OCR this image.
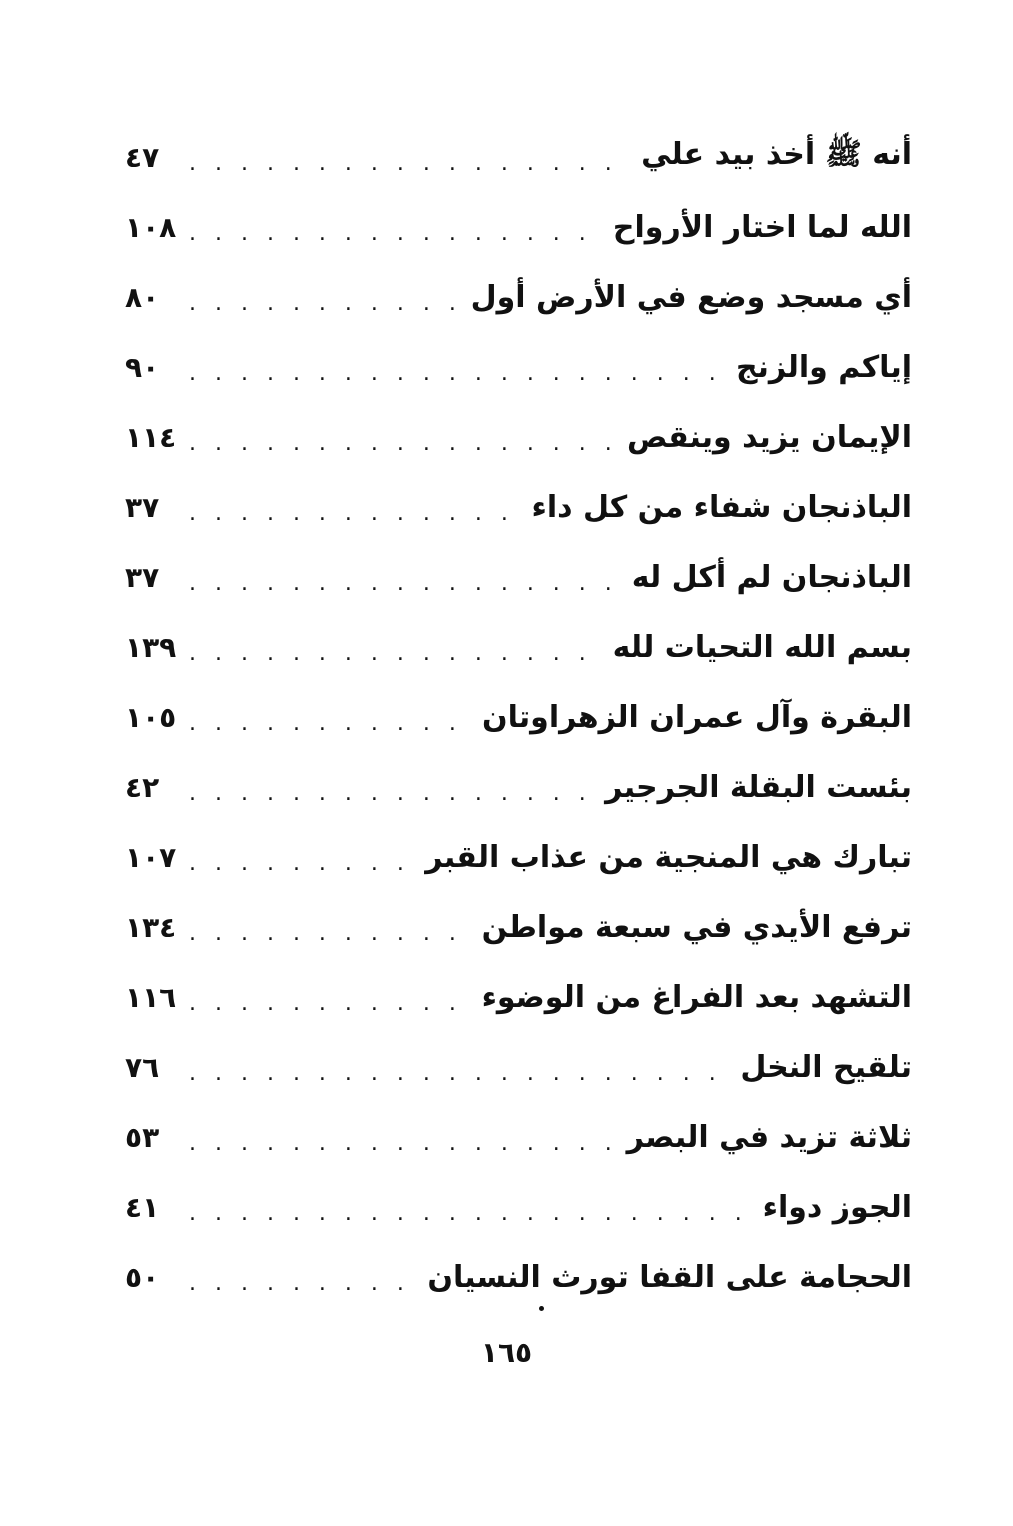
أنه ﷺ أخذ بيد علي
. . .
٤٧
الله لما اختار الأرواح
. . .
١٠٨
أي مسجد وضع في الأرض أول
. . .
٨٠
إياكم والزنج
. . .
٩٠
الإيمان يزيد وينقص
. . .
١١٤
الباذنجان شفاء من كل داء
. . .
٣٧
الباذنجان لم أكل له
. . .
٣٧
بسم الله التحيات لله
. . .
١٣٩
البقرة وآل عمران الزهراوتان
. . .
١٠٥
بئست البقلة الجرجير
. . .
٤٢
تبارك هي المنجية من عذاب القبر
. . .
١٠٧
ترفع الأيدي في سبعة مواطن
. . .
١٣٤
التشهد بعد الفراغ من الوضوء
. . .
١١٦
تلقيح النخل
. . .
٧٦
ثلاثة تزيد في البصر
. . .
٥٣
الجوز دواء
. . .
٤١
الحجامة على القفا تورث النسيان
. . .
٥٠
١٦٥
